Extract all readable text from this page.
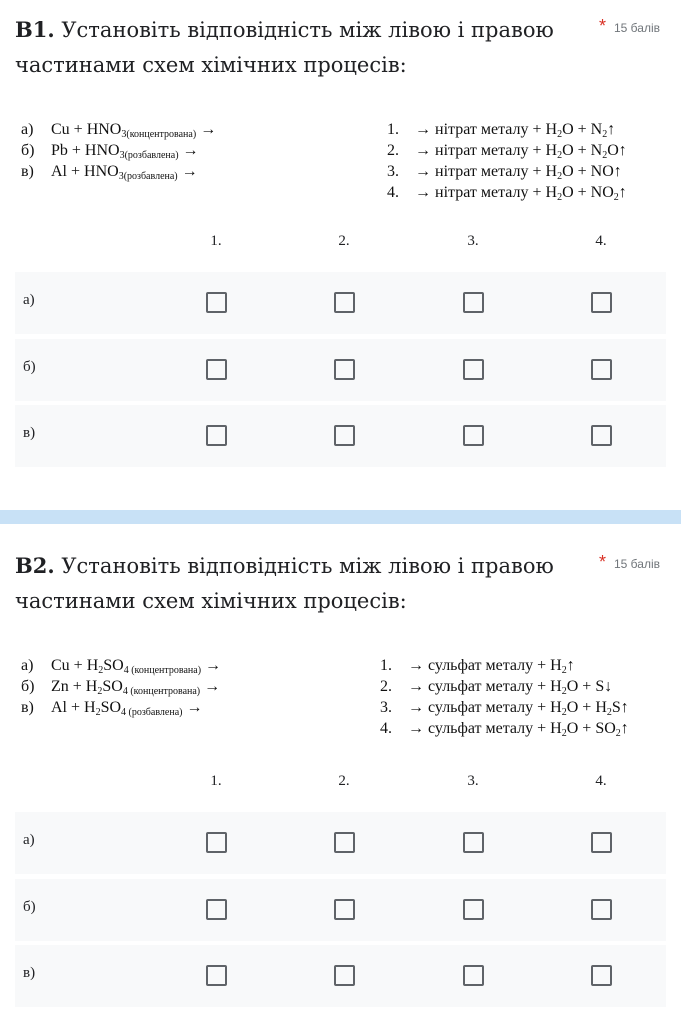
B1. Установіть відповідність між лівою і правою частинами схем хімічних процесів:
* 15 балів
а) $Cu + HNO_{3(концентрована)}$ →
б) $Pb + HNO_{3(розбавлена)}$ →
в) $Al + HNO_{3(розбавлена)}$ →
1. → нітрат металу + $H_2O$ + $N_2↑$
2. → нітрат металу + $H_2O$ + $N_2O↑$
3. → нітрат металу + $H_2O$ + NO↑
4. → нітрат металу + $H_2O$ + $NO_2↑$
1.	2.	3.	4.
а)
б)
в)
B2. Установіть відповідність між лівою і правою частинами схем хімічних процесів:
* 15 балів
а) $Cu + H_2SO_4$ $_{(концентрована)}$ →
б) $Zn + H_2SO_4$ $_{(концентрована)}$ →
в) $Al + H_2SO_4$ $_{(розбавлена)}$ →
1. → сульфат металу + $H_2↑$
2. → сульфат металу + $H_2O$ + S↓
3. → сульфат металу + $H_2O$ + $H_2S↑$
4. → сульфат металу + $H_2O$ + $SO_2↑$
1.	2.	3.	4.
а)
б)
в)
